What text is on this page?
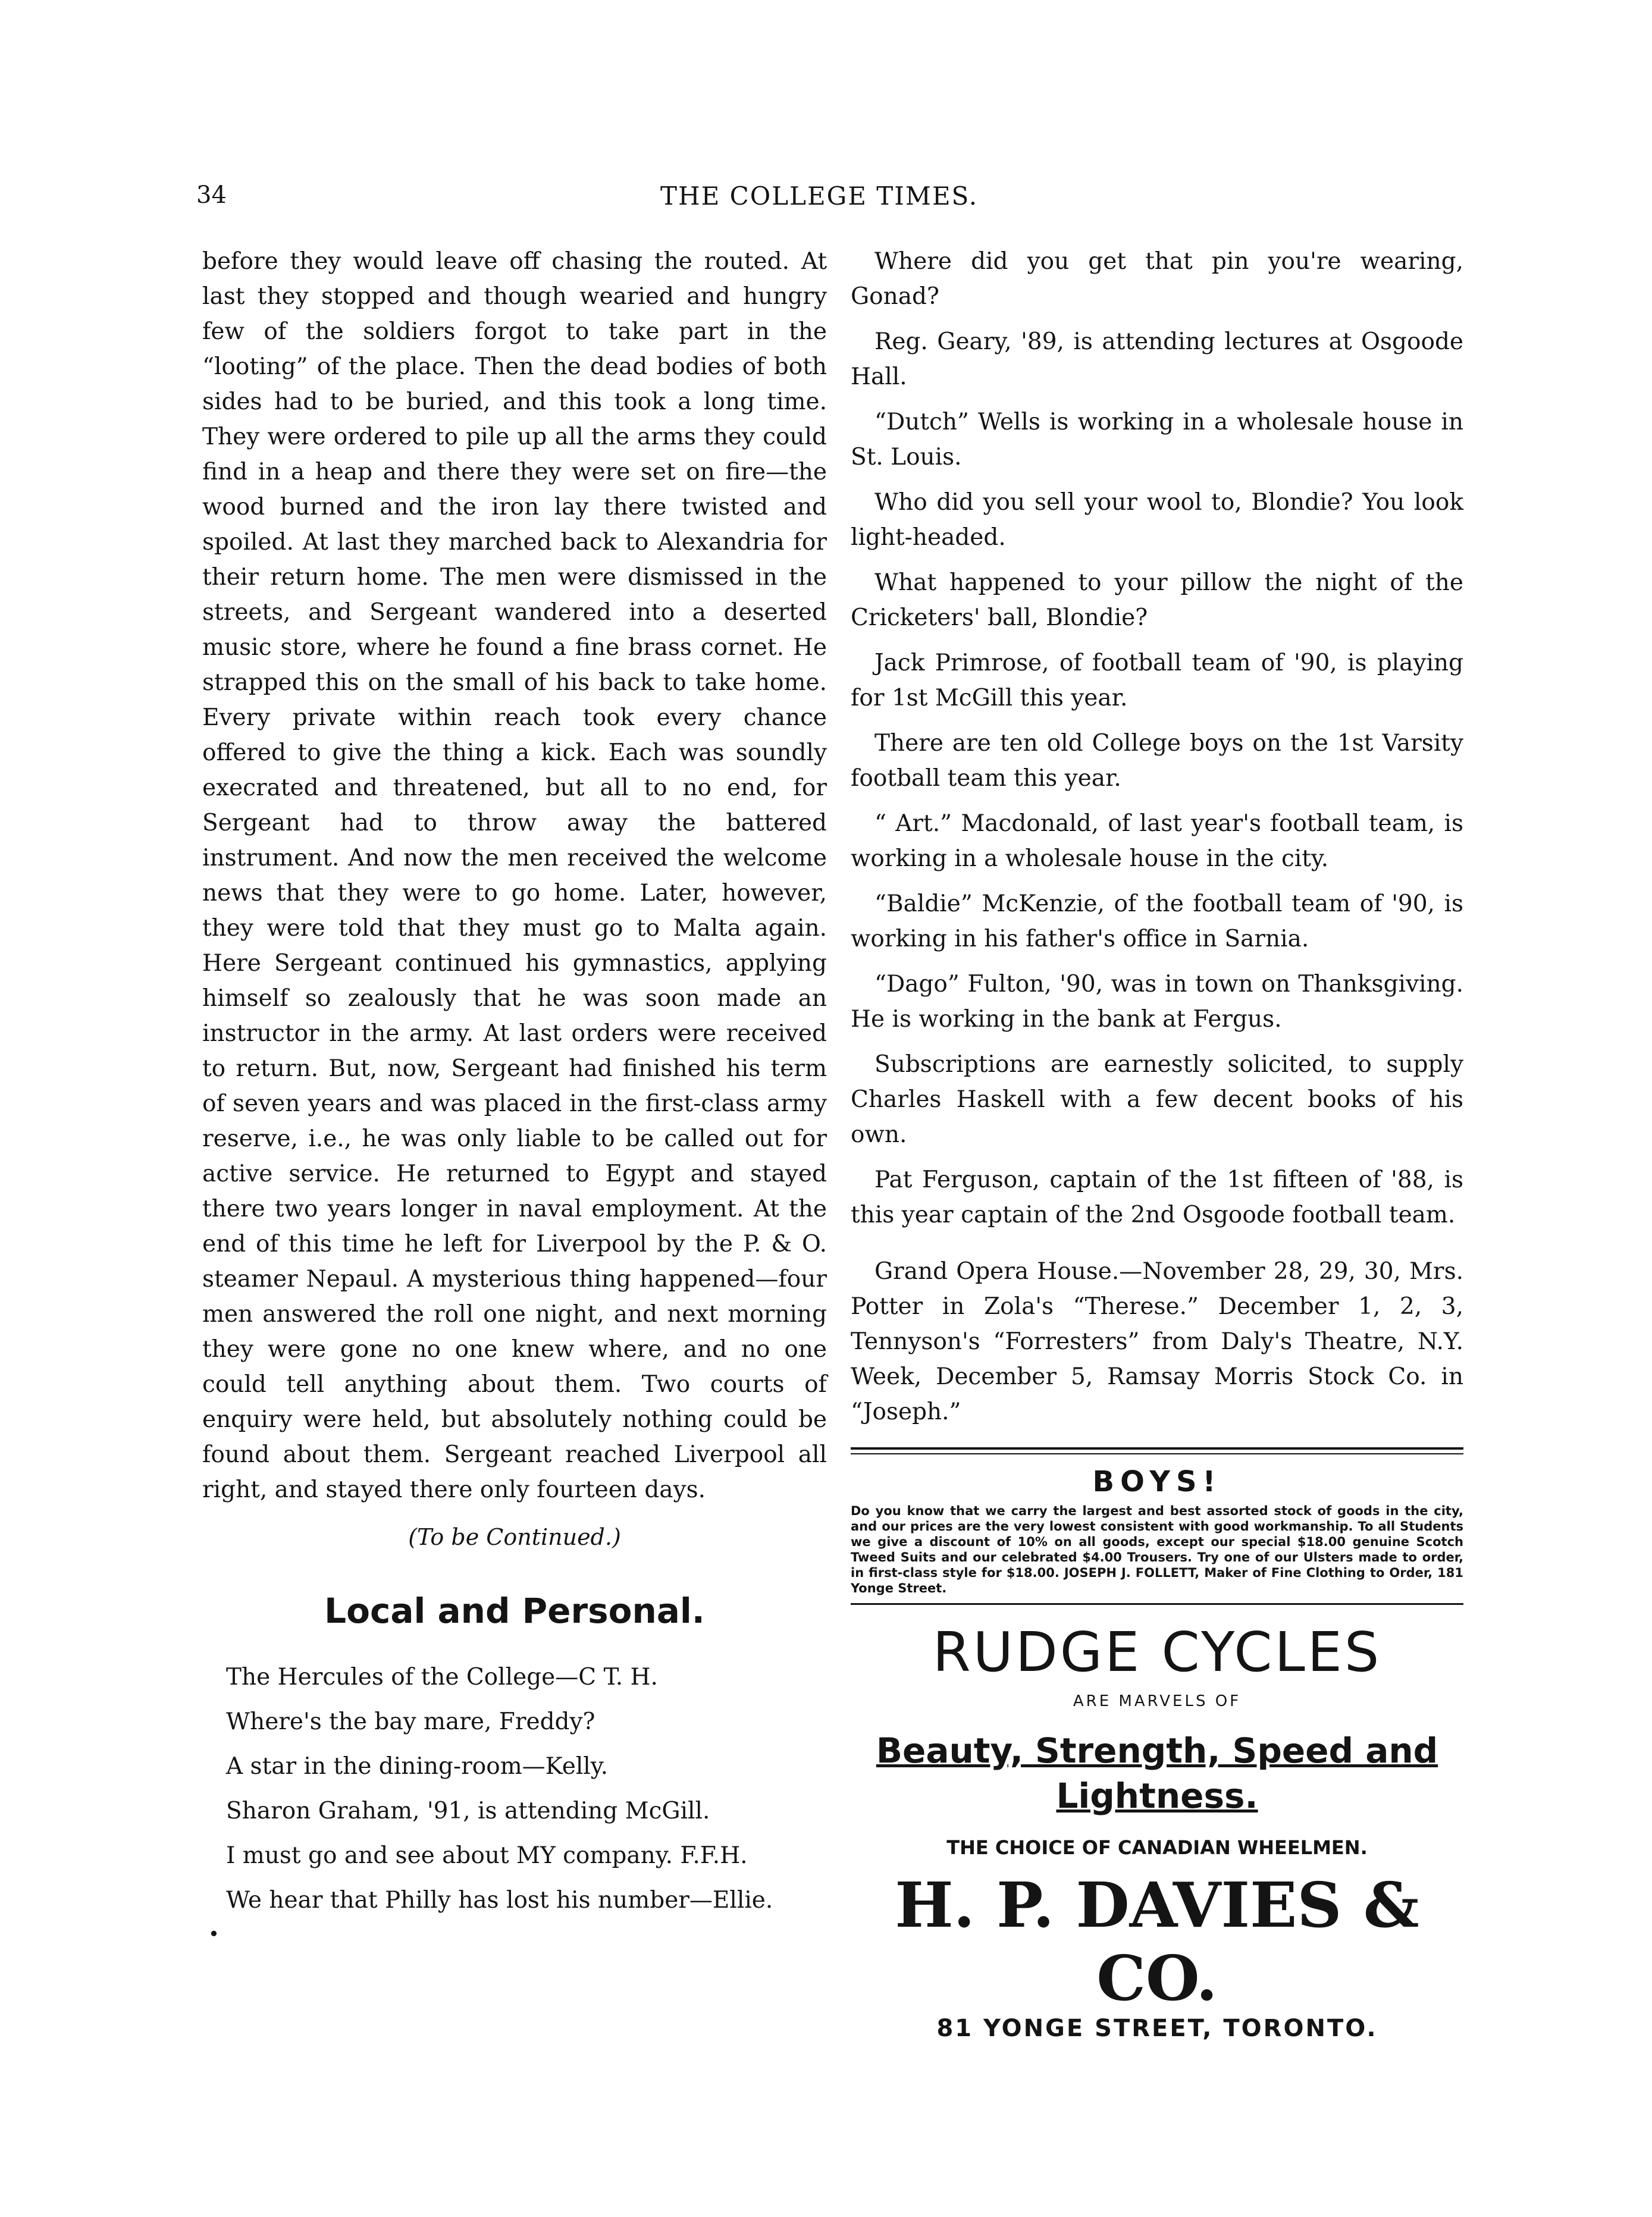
34	THE COLLEGE TIMES.

before they would leave off chasing the routed. At last they stopped and though wearied and hungry few of the soldiers forgot to take part in the “looting” of the place. Then the dead bodies of both sides had to be buried, and this took a long time. They were ordered to pile up all the arms they could find in a heap and there they were set on fire—the wood burned and the iron lay there twisted and spoiled. At last they marched back to Alexandria for their return home. The men were dismissed in the streets, and Sergeant wandered into a deserted music store, where he found a fine brass cornet. He strapped this on the small of his back to take home. Every private within reach took every chance offered to give the thing a kick. Each was soundly execrated and threatened, but all to no end, for Sergeant had to throw away the battered instrument. And now the men received the welcome news that they were to go home. Later, however, they were told that they must go to Malta again. Here Sergeant continued his gymnastics, applying himself so zealously that he was soon made an instructor in the army. At last orders were received to return. But, now, Sergeant had finished his term of seven years and was placed in the first-class army reserve, i.e., he was only liable to be called out for active service. He returned to Egypt and stayed there two years longer in naval employment. At the end of this time he left for Liverpool by the P. & O. steamer Nepaul. A mysterious thing happened—four men answered the roll one night, and next morning they were gone no one knew where, and no one could tell anything about them. Two courts of enquiry were held, but absolutely nothing could be found about them. Sergeant reached Liverpool all right, and stayed there only fourteen days.

(To be Continued.)

Local and Personal.

The Hercules of the College—C T. H.

Where's the bay mare, Freddy?

A star in the dining-room—Kelly.

Sharon Graham, '91, is attending McGill.

I must go and see about MY company. F.F.H.

We hear that Philly has lost his number—Ellie.

•

Where did you get that pin you're wearing, Gonad?

Reg. Geary, '89, is attending lectures at Osgoode Hall.

“Dutch” Wells is working in a wholesale house in St. Louis.

Who did you sell your wool to, Blondie? You look light-headed.

What happened to your pillow the night of the Cricketers' ball, Blondie?

Jack Primrose, of football team of '90, is playing for 1st McGill this year.

There are ten old College boys on the 1st Varsity football team this year.

“ Art.” Macdonald, of last year's football team, is working in a wholesale house in the city.

“Baldie” McKenzie, of the football team of '90, is working in his father's office in Sarnia.

“Dago” Fulton, '90, was in town on Thanksgiving. He is working in the bank at Fergus.

Subscriptions are earnestly solicited, to supply Charles Haskell with a few decent books of his own.

Pat Ferguson, captain of the 1st fifteen of '88, is this year captain of the 2nd Osgoode football team.

Grand Opera House.—November 28, 29, 30, Mrs. Potter in Zola's “Therese.” December 1, 2, 3, Tennyson's “Forresters” from Daly's Theatre, N.Y. Week, December 5, Ramsay Morris Stock Co. in “Joseph.”

BOYS!

Do you know that we carry the largest and best assorted stock of goods in the city, and our prices are the very lowest consistent with good workmanship. To all Students we give a discount of 10% on all goods, except our special $18.00 genuine Scotch Tweed Suits and our celebrated $4.00 Trousers. Try one of our Ulsters made to order, in first-class style for $18.00. JOSEPH J. FOLLETT, Maker of Fine Clothing to Order, 181 Yonge Street.

RUDGE CYCLES

ARE MARVELS OF

Beauty, Strength, Speed and

Lightness.

THE CHOICE OF CANADIAN WHEELMEN.

H. P. DAVIES & CO.

81 YONGE STREET, TORONTO.
